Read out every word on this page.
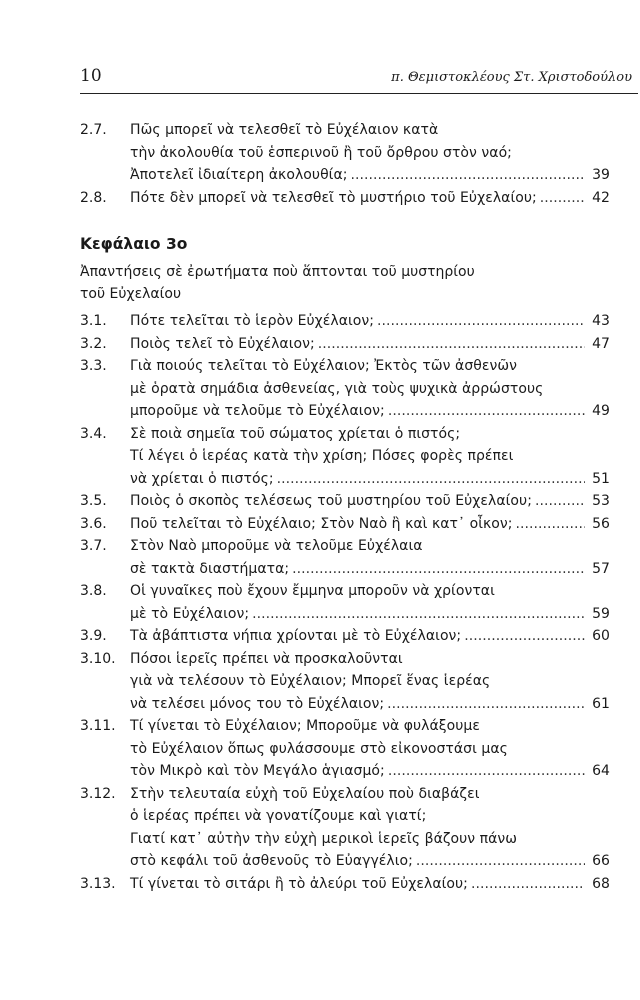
10	π. Θεμιστοκλέους Στ. Χριστοδούλου
2.7. Πῶς μπορεῖ νὰ τελεσθεῖ τὸ Εὐχέλαιον κατὰ
τὴν ἀκολουθία τοῦ ἑσπερινοῦ ἢ τοῦ ὄρθρου στὸν ναό;
Ἀποτελεῖ ἰδιαίτερη ἀκολουθία; .....	39
2.8. Πότε δὲν μπορεῖ νὰ τελεσθεῖ τὸ μυστήριο τοῦ Εὐχελαίου; .....	42
Κεφάλαιο 3ο
Ἀπαντήσεις σὲ ἐρωτήματα ποὺ ἅπτονται τοῦ μυστηρίου
τοῦ Εὐχελαίου
3.1. Πότε τελεῖται τὸ ἱερὸν Εὐχέλαιον; .....	43
3.2. Ποιὸς τελεῖ τὸ Εὐχέλαιον; .....	47
3.3. Γιὰ ποιούς τελεῖται τὸ Εὐχέλαιον; Ἐκτὸς τῶν ἀσθενῶν
μὲ ὁρατὰ σημάδια ἀσθενείας, γιὰ τοὺς ψυχικὰ ἀρρώστους
μποροῦμε νὰ τελοῦμε τὸ Εὐχέλαιον; .....	49
3.4. Σὲ ποιὰ σημεῖα τοῦ σώματος χρίεται ὁ πιστός;
Τί λέγει ὁ ἱερέας κατὰ τὴν χρίση; Πόσες φορὲς πρέπει
νὰ χρίεται ὁ πιστός; .....	51
3.5. Ποιὸς ὁ σκοπὸς τελέσεως τοῦ μυστηρίου τοῦ Εὐχελαίου; .....	53
3.6. Ποῦ τελεῖται τὸ Εὐχέλαιο; Στὸν Ναὸ ἢ καὶ κατ᾽ οἶκον; .....	56
3.7. Στὸν Ναὸ μποροῦμε νὰ τελοῦμε Εὐχέλαια
σὲ τακτὰ διαστήματα; .....	57
3.8. Οἱ γυναῖκες ποὺ ἔχουν ἔμμηνα μποροῦν νὰ χρίονται
μὲ τὸ Εὐχέλαιον; .....	59
3.9. Τὰ ἀβάπτιστα νήπια χρίονται μὲ τὸ Εὐχέλαιον; .....	60
3.10. Πόσοι ἱερεῖς πρέπει νὰ προσκαλοῦνται
γιὰ νὰ τελέσουν τὸ Εὐχέλαιον; Μπορεῖ ἕνας ἱερέας
νὰ τελέσει μόνος του τὸ Εὐχέλαιον; .....	61
3.11. Τί γίνεται τὸ Εὐχέλαιον; Μποροῦμε νὰ φυλάξουμε
τὸ Εὐχέλαιον ὅπως φυλάσσουμε στὸ εἰκονοστάσι μας
τὸν Μικρὸ καὶ τὸν Μεγάλο ἁγιασμό; .....	64
3.12. Στὴν τελευταία εὐχὴ τοῦ Εὐχελαίου ποὺ διαβάζει
ὁ ἱερέας πρέπει νὰ γονατίζουμε καὶ γιατί;
Γιατί κατ᾽ αὐτὴν τὴν εὐχὴ μερικοὶ ἱερεῖς βάζουν πάνω
στὸ κεφάλι τοῦ ἀσθενοῦς τὸ Εὐαγγέλιο; .....	66
3.13. Τί γίνεται τὸ σιτάρι ἢ τὸ ἀλεύρι τοῦ Εὐχελαίου; .....	68
